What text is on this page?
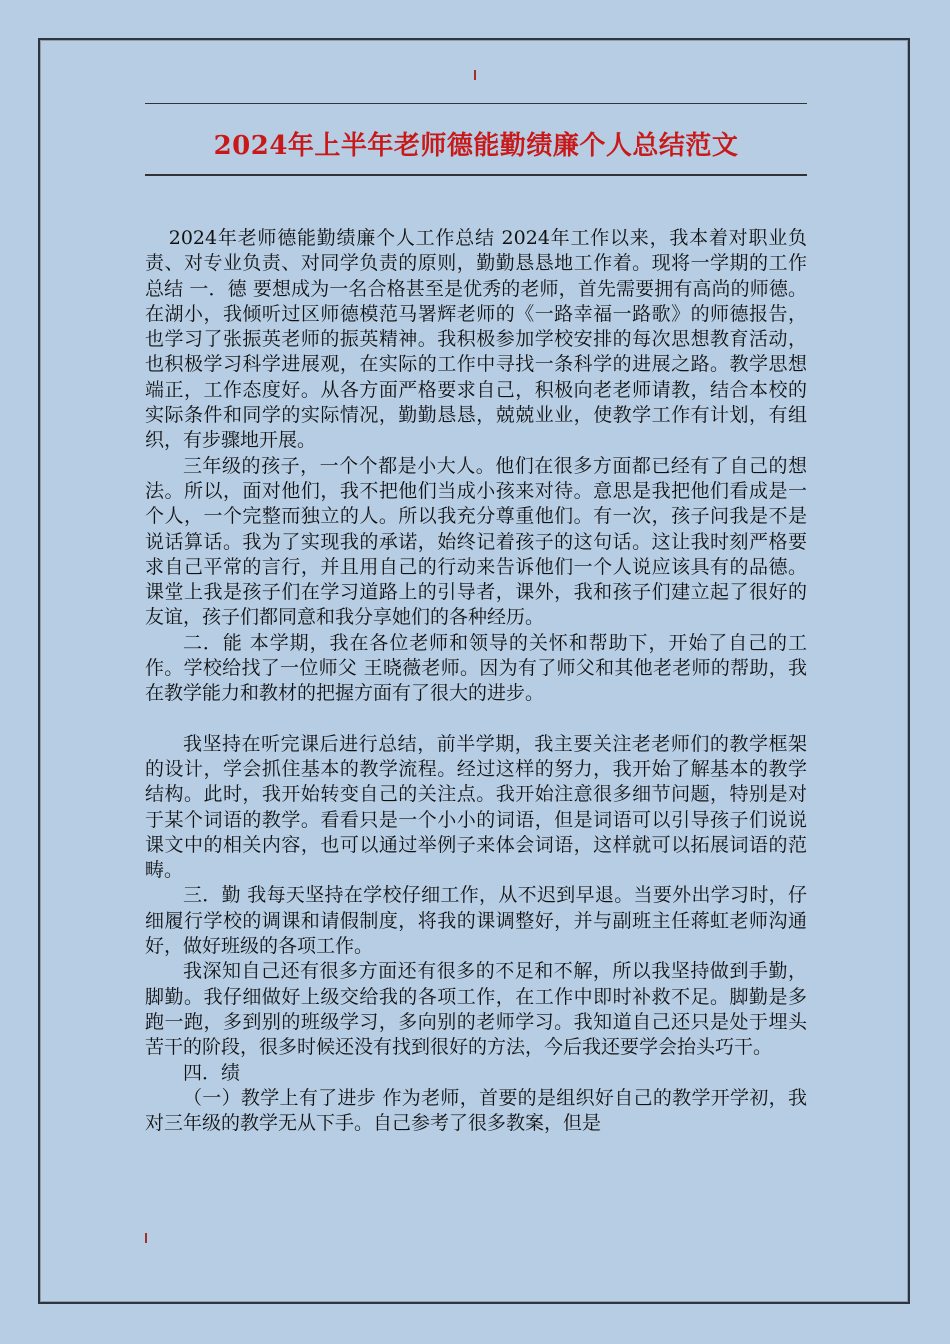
2024年上半年老师德能勤绩廉个人总结范文

2024年老师德能勤绩廉个人工作总结 2024年工作以来，我本着对职业负责、对专业负责、对同学负责的原则，勤勤恳恳地工作着。现将一学期的工作总结 一．德 要想成为一名合格甚至是优秀的老师，首先需要拥有高尚的师德。在湖小，我倾听过区师德模范马署辉老师的《一路幸福一路歌》的师德报告，也学习了张振英老师的振英精神。我积极参加学校安排的每次思想教育活动，也积极学习科学进展观，在实际的工作中寻找一条科学的进展之路。教学思想端正，工作态度好。从各方面严格要求自己，积极向老老师请教，结合本校的实际条件和同学的实际情况，勤勤恳恳，兢兢业业，使教学工作有计划，有组织，有步骤地开展。

三年级的孩子，一个个都是小大人。他们在很多方面都已经有了自己的想法。所以，面对他们，我不把他们当成小孩来对待。意思是我把他们看成是一个人，一个完整而独立的人。所以我充分尊重他们。有一次，孩子问我是不是说话算话。我为了实现我的承诺，始终记着孩子的这句话。这让我时刻严格要求自己平常的言行，并且用自己的行动来告诉他们一个人说应该具有的品德。课堂上我是孩子们在学习道路上的引导者，课外，我和孩子们建立起了很好的友谊，孩子们都同意和我分享她们的各种经历。

二．能 本学期，我在各位老师和领导的关怀和帮助下，开始了自己的工作。学校给找了一位师父 王晓薇老师。因为有了师父和其他老老师的帮助，我在教学能力和教材的把握方面有了很大的进步。

我坚持在听完课后进行总结，前半学期，我主要关注老老师们的教学框架的设计，学会抓住基本的教学流程。经过这样的努力，我开始了解基本的教学结构。此时，我开始转变自己的关注点。我开始注意很多细节问题，特别是对于某个词语的教学。看看只是一个小小的词语，但是词语可以引导孩子们说说课文中的相关内容，也可以通过举例子来体会词语，这样就可以拓展词语的范畴。

三．勤 我每天坚持在学校仔细工作，从不迟到早退。当要外出学习时，仔细履行学校的调课和请假制度，将我的课调整好，并与副班主任蒋虹老师沟通好，做好班级的各项工作。

我深知自己还有很多方面还有很多的不足和不解，所以我坚持做到手勤，脚勤。我仔细做好上级交给我的各项工作，在工作中即时补救不足。脚勤是多跑一跑，多到别的班级学习，多向别的老师学习。我知道自己还只是处于埋头苦干的阶段，很多时候还没有找到很好的方法，今后我还要学会抬头巧干。

四．绩

（一）教学上有了进步 作为老师，首要的是组织好自己的教学开学初，我对三年级的教学无从下手。自己参考了很多教案，但是
